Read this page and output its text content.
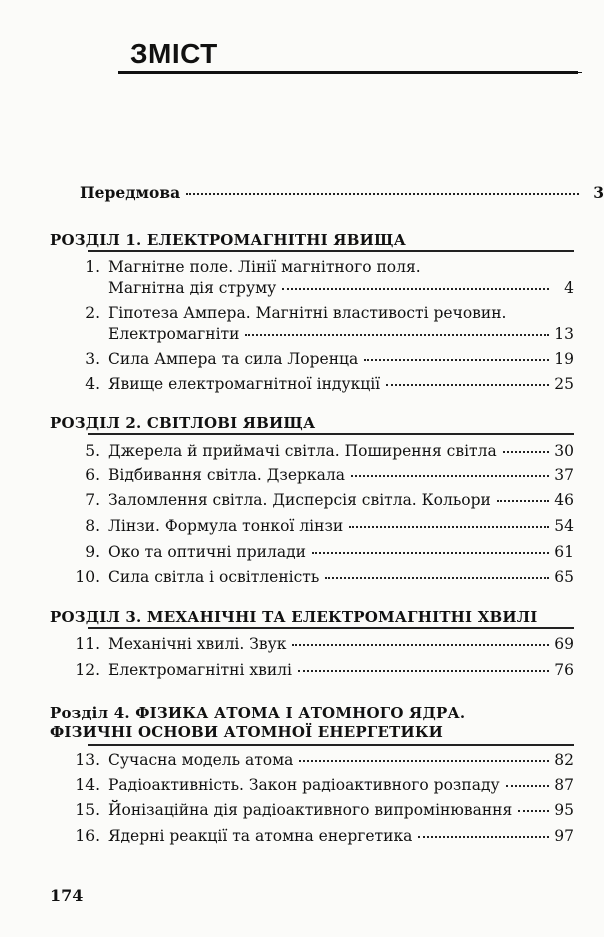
ЗМІСТ
Передмова	3
РОЗДІЛ 1. ЕЛЕКТРОМАГНІТНІ ЯВИЩА
1. Магнітне поле. Лінії магнітного поля.
Магнітна дія струму	4
2. Гіпотеза Ампера. Магнітні властивості речовин.
Електромагніти	13
3. Сила Ампера та сила Лоренца	19
4. Явище електромагнітної індукції	25
РОЗДІЛ 2. СВІТЛОВІ ЯВИЩА
5. Джерела й приймачі світла. Поширення світла	30
6. Відбивання світла. Дзеркала	37
7. Заломлення світла. Дисперсія світла. Кольори	46
8. Лінзи. Формула тонкої лінзи	54
9. Око та оптичні прилади	61
10. Сила світла і освітленість	65
РОЗДІЛ 3. МЕХАНІЧНІ ТА ЕЛЕКТРОМАГНІТНІ ХВИЛІ
11. Механічні хвилі. Звук	69
12. Електромагнітні хвилі	76
Розділ 4. ФІЗИКА АТОМА І АТОМНОГО ЯДРА.
ФІЗИЧНІ ОСНОВИ АТОМНОЇ ЕНЕРГЕТИКИ
13. Сучасна модель атома	82
14. Радіоактивність. Закон радіоактивного розпаду	87
15. Йонізаційна дія радіоактивного випромінювання	95
16. Ядерні реакції та атомна енергетика	97
174
